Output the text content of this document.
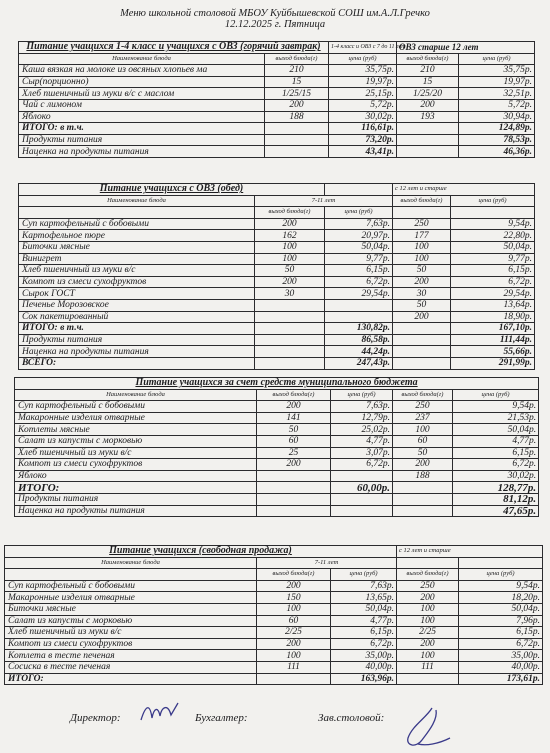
Меню школьной столовой МБОУ Куйбышевской СОШ им.А.Л.Гречко
12.12.2025 г. Пятница
Питание учащихся 1-4 класс и учащихся с ОВЗ (горячий завтрак)		1-4 класс и ОВЗ с 7 до 11 лет	ОВЗ старше 12 лет	
Наименование блюда	выход блюда(г)	цена (руб)	выход блюда(г)	цена (руб)
Каша вязкая на молоке из овсяных хлопьев ма	210	35,75р.	210	35,75р.
Сыр(порционно)	15	19,97р.	15	19,97р.
Хлеб пшеничный из муки в/с с маслом	1/25/15	25,15р.	1/25/20	32,51р.
Чай с лимоном	200	5,72р.	200	5,72р.
Яблоко	188	30,02р.	193	30,94р.
ИТОГО: в т.ч.		116,61р.		124,89р.
Продукты питания		73,20р.		78,53р.
Наценка на продукты питания		43,41р.		46,36р.
Питание учащихся с ОВЗ (обед)			с 12 лет и старше	
Наименование блюда	7-11 лет		выход блюда(г)	цена (руб)
	выход блюда(г)	цена (руб)		
Суп картофельный с бобовыми	200	7,63р.	250	9,54р.
Картофельное пюре	162	20,97р.	177	22,80р.
Биточки мясные	100	50,04р.	100	50,04р.
Винигрет	100	9,77р.	100	9,77р.
Хлеб пшеничный из муки в/с	50	6,15р.	50	6,15р.
Компот из смеси сухофруктов	200	6,72р.	200	6,72р.
Сырок ГОСТ	30	29,54р.	30	29,54р.
Печенье Морозовское			50	13,64р.
Сок пакетированный			200	18,90р.
ИТОГО: в т.ч.		130,82р.		167,10р.
Продукты питания		86,58р.		111,44р.
Наценка на продукты питания		44,24р.		55,66р.
ВСЕГО:		247,43р.		291,99р.
Питание учащихся за счет средств муниципального бюджета				
Наименование блюда	выход блюда(г)	цена (руб)	выход блюда(г)	цена (руб)
Суп картофельный с бобовыми	200	7,63р.	250	9,54р.
Макаронные изделия отварные	141	12,79р.	237	21,53р.
Котлеты мясные	50	25,02р.	100	50,04р.
Салат из капусты с морковью	60	4,77р.	60	4,77р.
Хлеб пшеничный из муки в/с	25	3,07р.	50	6,15р.
Компот из смеси сухофруктов	200	6,72р.	200	6,72р.
Яблоко			188	30,02р.
ИТОГО:		60,00р.		128,77р.
Продукты питания				81,12р.
Наценка на продукты питания				47,65р.
Питание учащихся (свободная продажа)			с 12 лет и старше	
Наименование блюда	7-11 лет			
	выход блюда(г)	цена (руб)	выход блюда(г)	цена (руб)
Суп картофельный с бобовыми	200	7,63р.	250	9,54р.
Макаронные изделия отварные	150	13,65р.	200	18,20р.
Биточки мясные	100	50,04р.	100	50,04р.
Салат из капусты с морковью	60	4,77р.	100	7,96р.
Хлеб пшеничный из муки в/с	2/25	6,15р.	2/25	6,15р.
Компот из смеси сухофруктов	200	6,72р.	200	6,72р.
Котлета в тесте печеная	100	35,00р.	100	35,00р.
Сосиска в тесте печеная	111	40,00р.	111	40,00р.
ИТОГО:		163,96р.		173,61р.
Директор:	Бухгалтер:	Зав.столовой:
